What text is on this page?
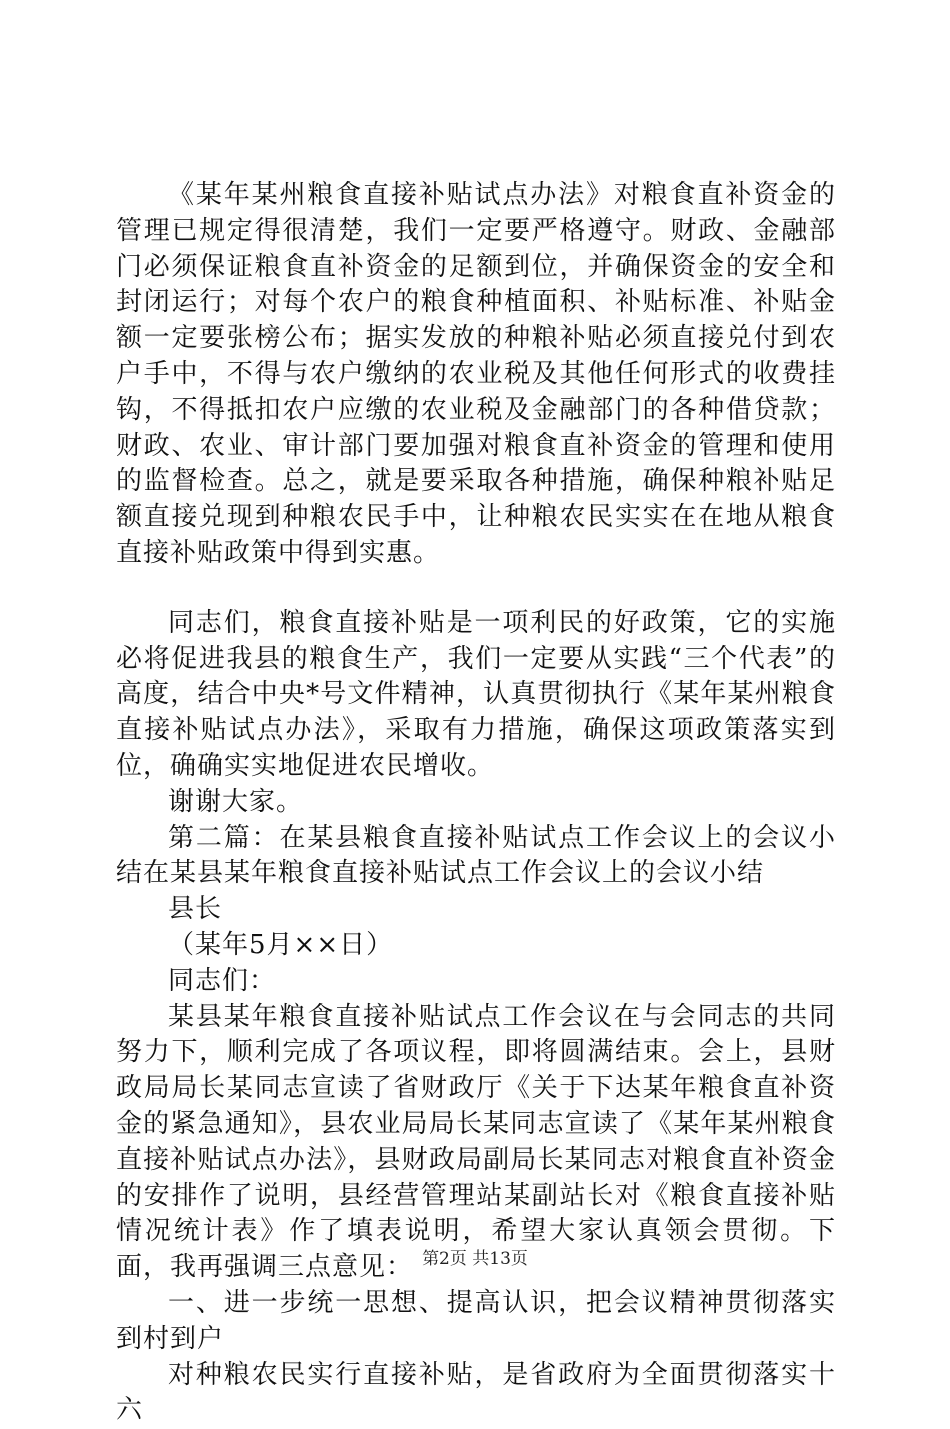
《某年某州粮食直接补贴试点办法》对粮食直补资金的管理已规定得很清楚，我们一定要严格遵守。财政、金融部门必须保证粮食直补资金的足额到位，并确保资金的安全和封闭运行；对每个农户的粮食种植面积、补贴标准、补贴金额一定要张榜公布；据实发放的种粮补贴必须直接兑付到农户手中，不得与农户缴纳的农业税及其他任何形式的收费挂钩，不得抵扣农户应缴的农业税及金融部门的各种借贷款；财政、农业、审计部门要加强对粮食直补资金的管理和使用的监督检查。总之，就是要采取各种措施，确保种粮补贴足额直接兑现到种粮农民手中，让种粮农民实实在在地从粮食直接补贴政策中得到实惠。

同志们，粮食直接补贴是一项利民的好政策，它的实施必将促进我县的粮食生产，我们一定要从实践“三个代表”的高度，结合中央*号文件精神，认真贯彻执行《某年某州粮食直接补贴试点办法》，采取有力措施，确保这项政策落实到位，确确实实地促进农民增收。

谢谢大家。

第二篇：在某县粮食直接补贴试点工作会议上的会议小结在某县某年粮食直接补贴试点工作会议上的会议小结

县长

（某年5月××日）

同志们：

某县某年粮食直接补贴试点工作会议在与会同志的共同努力下，顺利完成了各项议程，即将圆满结束。会上，县财政局局长某同志宣读了省财政厅《关于下达某年粮食直补资金的紧急通知》，县农业局局长某同志宣读了《某年某州粮食直接补贴试点办法》，县财政局副局长某同志对粮食直补资金的安排作了说明，县经营管理站某副站长对《粮食直接补贴情况统计表》作了填表说明，希望大家认真领会贯彻。下面，我再强调三点意见：

一、进一步统一思想、提高认识，把会议精神贯彻落实到村到户

对种粮农民实行直接补贴，是省政府为全面贯彻落实十六

第2页 共13页
